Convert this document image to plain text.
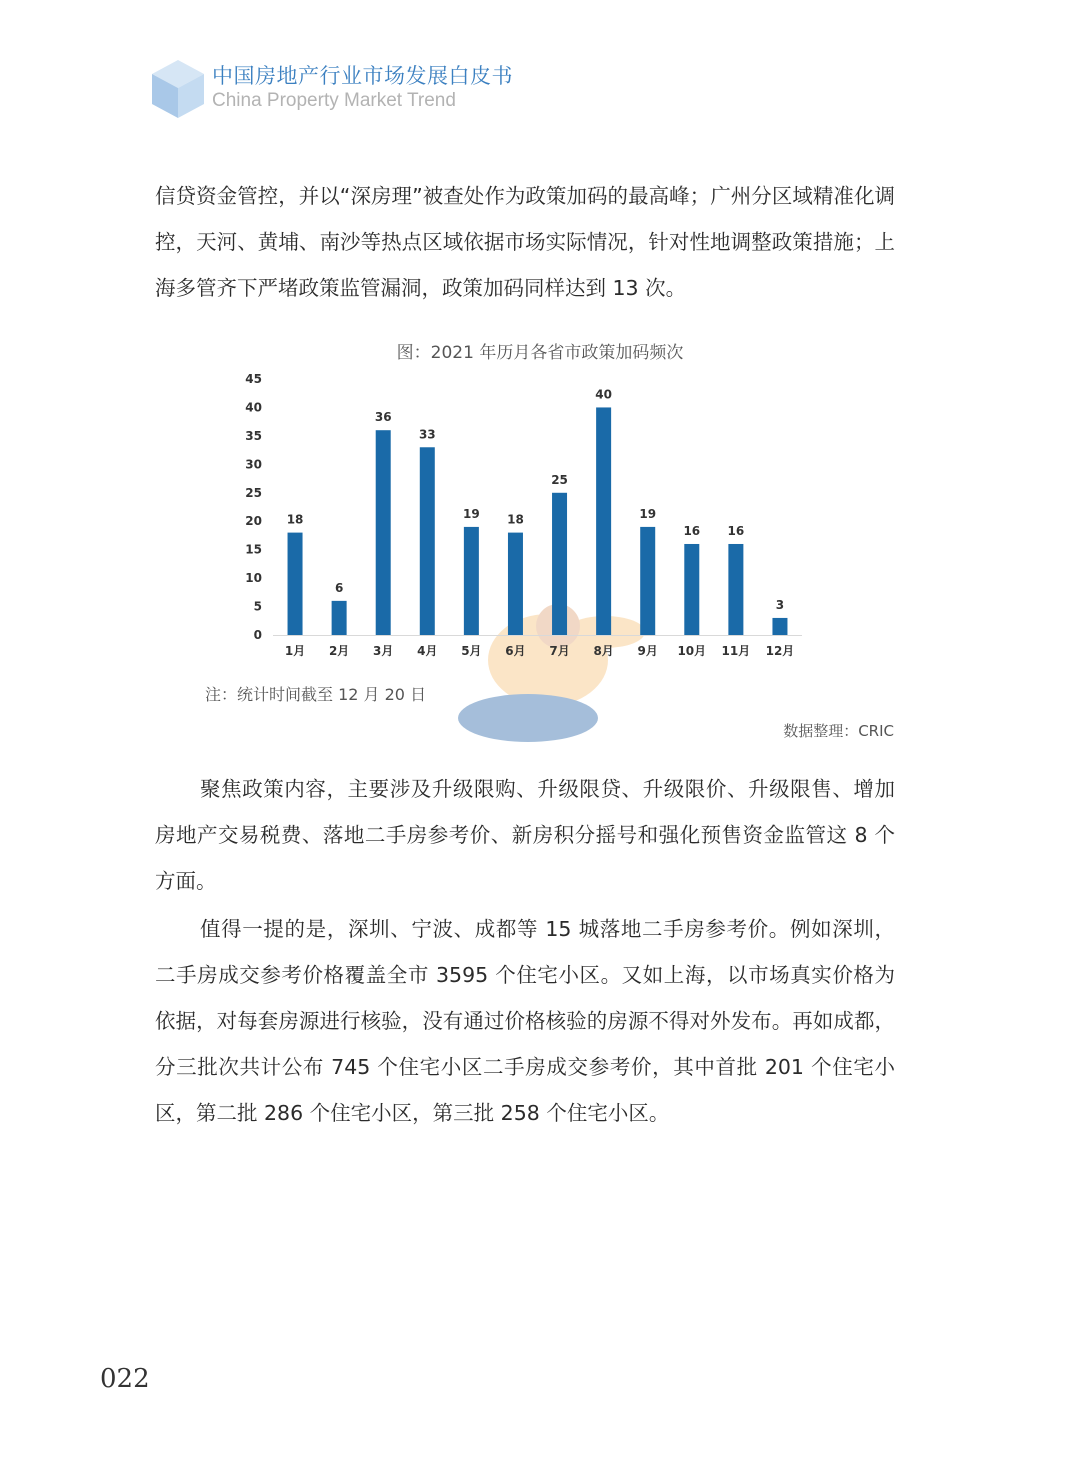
中国房地产行业市场发展白皮书
China Property Market Trend

信贷资金管控，并以“深房理”被查处作为政策加码的最高峰；广州分区域精准化调控，天河、黄埔、南沙等热点区域依据市场实际情况，针对性地调整政策措施；上海多管齐下严堵政策监管漏洞，政策加码同样达到 13 次。

图：2021 年历月各省市政策加码频次
0
5
10
15
20
25
30
35
40
45
18
1月
6
2月
36
3月
33
4月
19
5月
18
6月
25
7月
40
8月
19
9月
16
10月
16
11月
3
12月
注：统计时间截至 12 月 20 日
数据整理：CRIC

聚焦政策内容，主要涉及升级限购、升级限贷、升级限价、升级限售、增加房地产交易税费、落地二手房参考价、新房积分摇号和强化预售资金监管这 8 个方面。

值得一提的是，深圳、宁波、成都等 15 城落地二手房参考价。例如深圳，二手房成交参考价格覆盖全市 3595 个住宅小区。又如上海，以市场真实价格为依据，对每套房源进行核验，没有通过价格核验的房源不得对外发布。再如成都，分三批次共计公布 745 个住宅小区二手房成交参考价，其中首批 201 个住宅小区，第二批 286 个住宅小区，第三批 258 个住宅小区。

022
